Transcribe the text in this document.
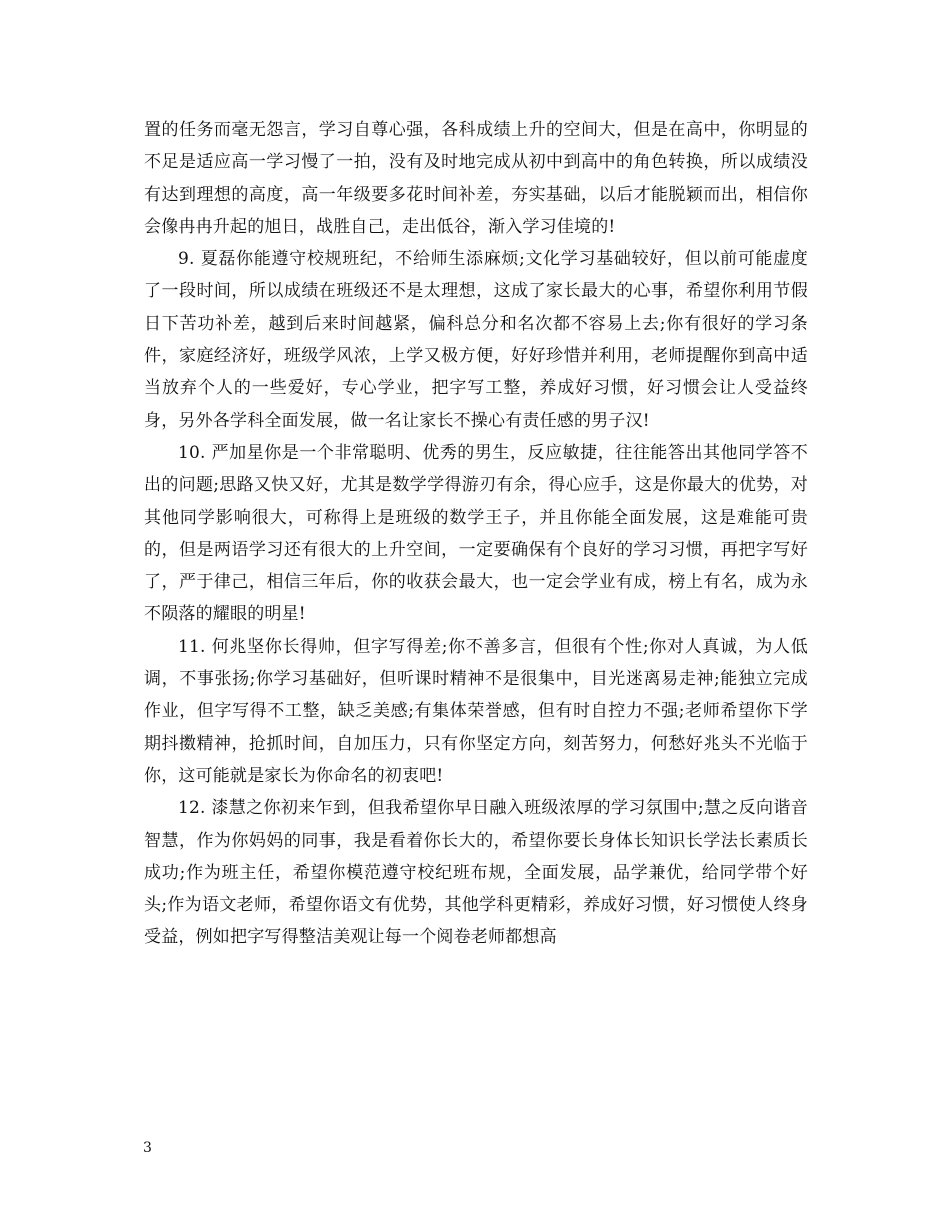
置的任务而毫无怨言，学习自尊心强，各科成绩上升的空间大，但是在高中，你明显的不足是适应高一学习慢了一拍，没有及时地完成从初中到高中的角色转换，所以成绩没有达到理想的高度，高一年级要多花时间补差，夯实基础，以后才能脱颖而出，相信你会像冉冉升起的旭日，战胜自己，走出低谷，渐入学习佳境的!

9. 夏磊你能遵守校规班纪，不给师生添麻烦;文化学习基础较好，但以前可能虚度了一段时间，所以成绩在班级还不是太理想，这成了家长最大的心事，希望你利用节假日下苦功补差，越到后来时间越紧，偏科总分和名次都不容易上去;你有很好的学习条件，家庭经济好，班级学风浓，上学又极方便，好好珍惜并利用，老师提醒你到高中适当放弃个人的一些爱好，专心学业，把字写工整，养成好习惯，好习惯会让人受益终身，另外各学科全面发展，做一名让家长不操心有责任感的男子汉!

10. 严加星你是一个非常聪明、优秀的男生，反应敏捷，往往能答出其他同学答不出的问题;思路又快又好，尤其是数学学得游刃有余，得心应手，这是你最大的优势，对其他同学影响很大，可称得上是班级的数学王子，并且你能全面发展，这是难能可贵的，但是两语学习还有很大的上升空间，一定要确保有个良好的学习习惯，再把字写好了，严于律己，相信三年后，你的收获会最大，也一定会学业有成，榜上有名，成为永不陨落的耀眼的明星!

11. 何兆坚你长得帅，但字写得差;你不善多言，但很有个性;你对人真诚，为人低调，不事张扬;你学习基础好，但听课时精神不是很集中，目光迷离易走神;能独立完成作业，但字写得不工整，缺乏美感;有集体荣誉感，但有时自控力不强;老师希望你下学期抖擞精神，抢抓时间，自加压力，只有你坚定方向，刻苦努力，何愁好兆头不光临于你，这可能就是家长为你命名的初衷吧!

12. 漆慧之你初来乍到，但我希望你早日融入班级浓厚的学习氛围中;慧之反向谐音智慧，作为你妈妈的同事，我是看着你长大的，希望你要长身体长知识长学法长素质长成功;作为班主任，希望你模范遵守校纪班布规，全面发展，品学兼优，给同学带个好头;作为语文老师，希望你语文有优势，其他学科更精彩，养成好习惯，好习惯使人终身受益，例如把字写得整洁美观让每一个阅卷老师都想高

3
